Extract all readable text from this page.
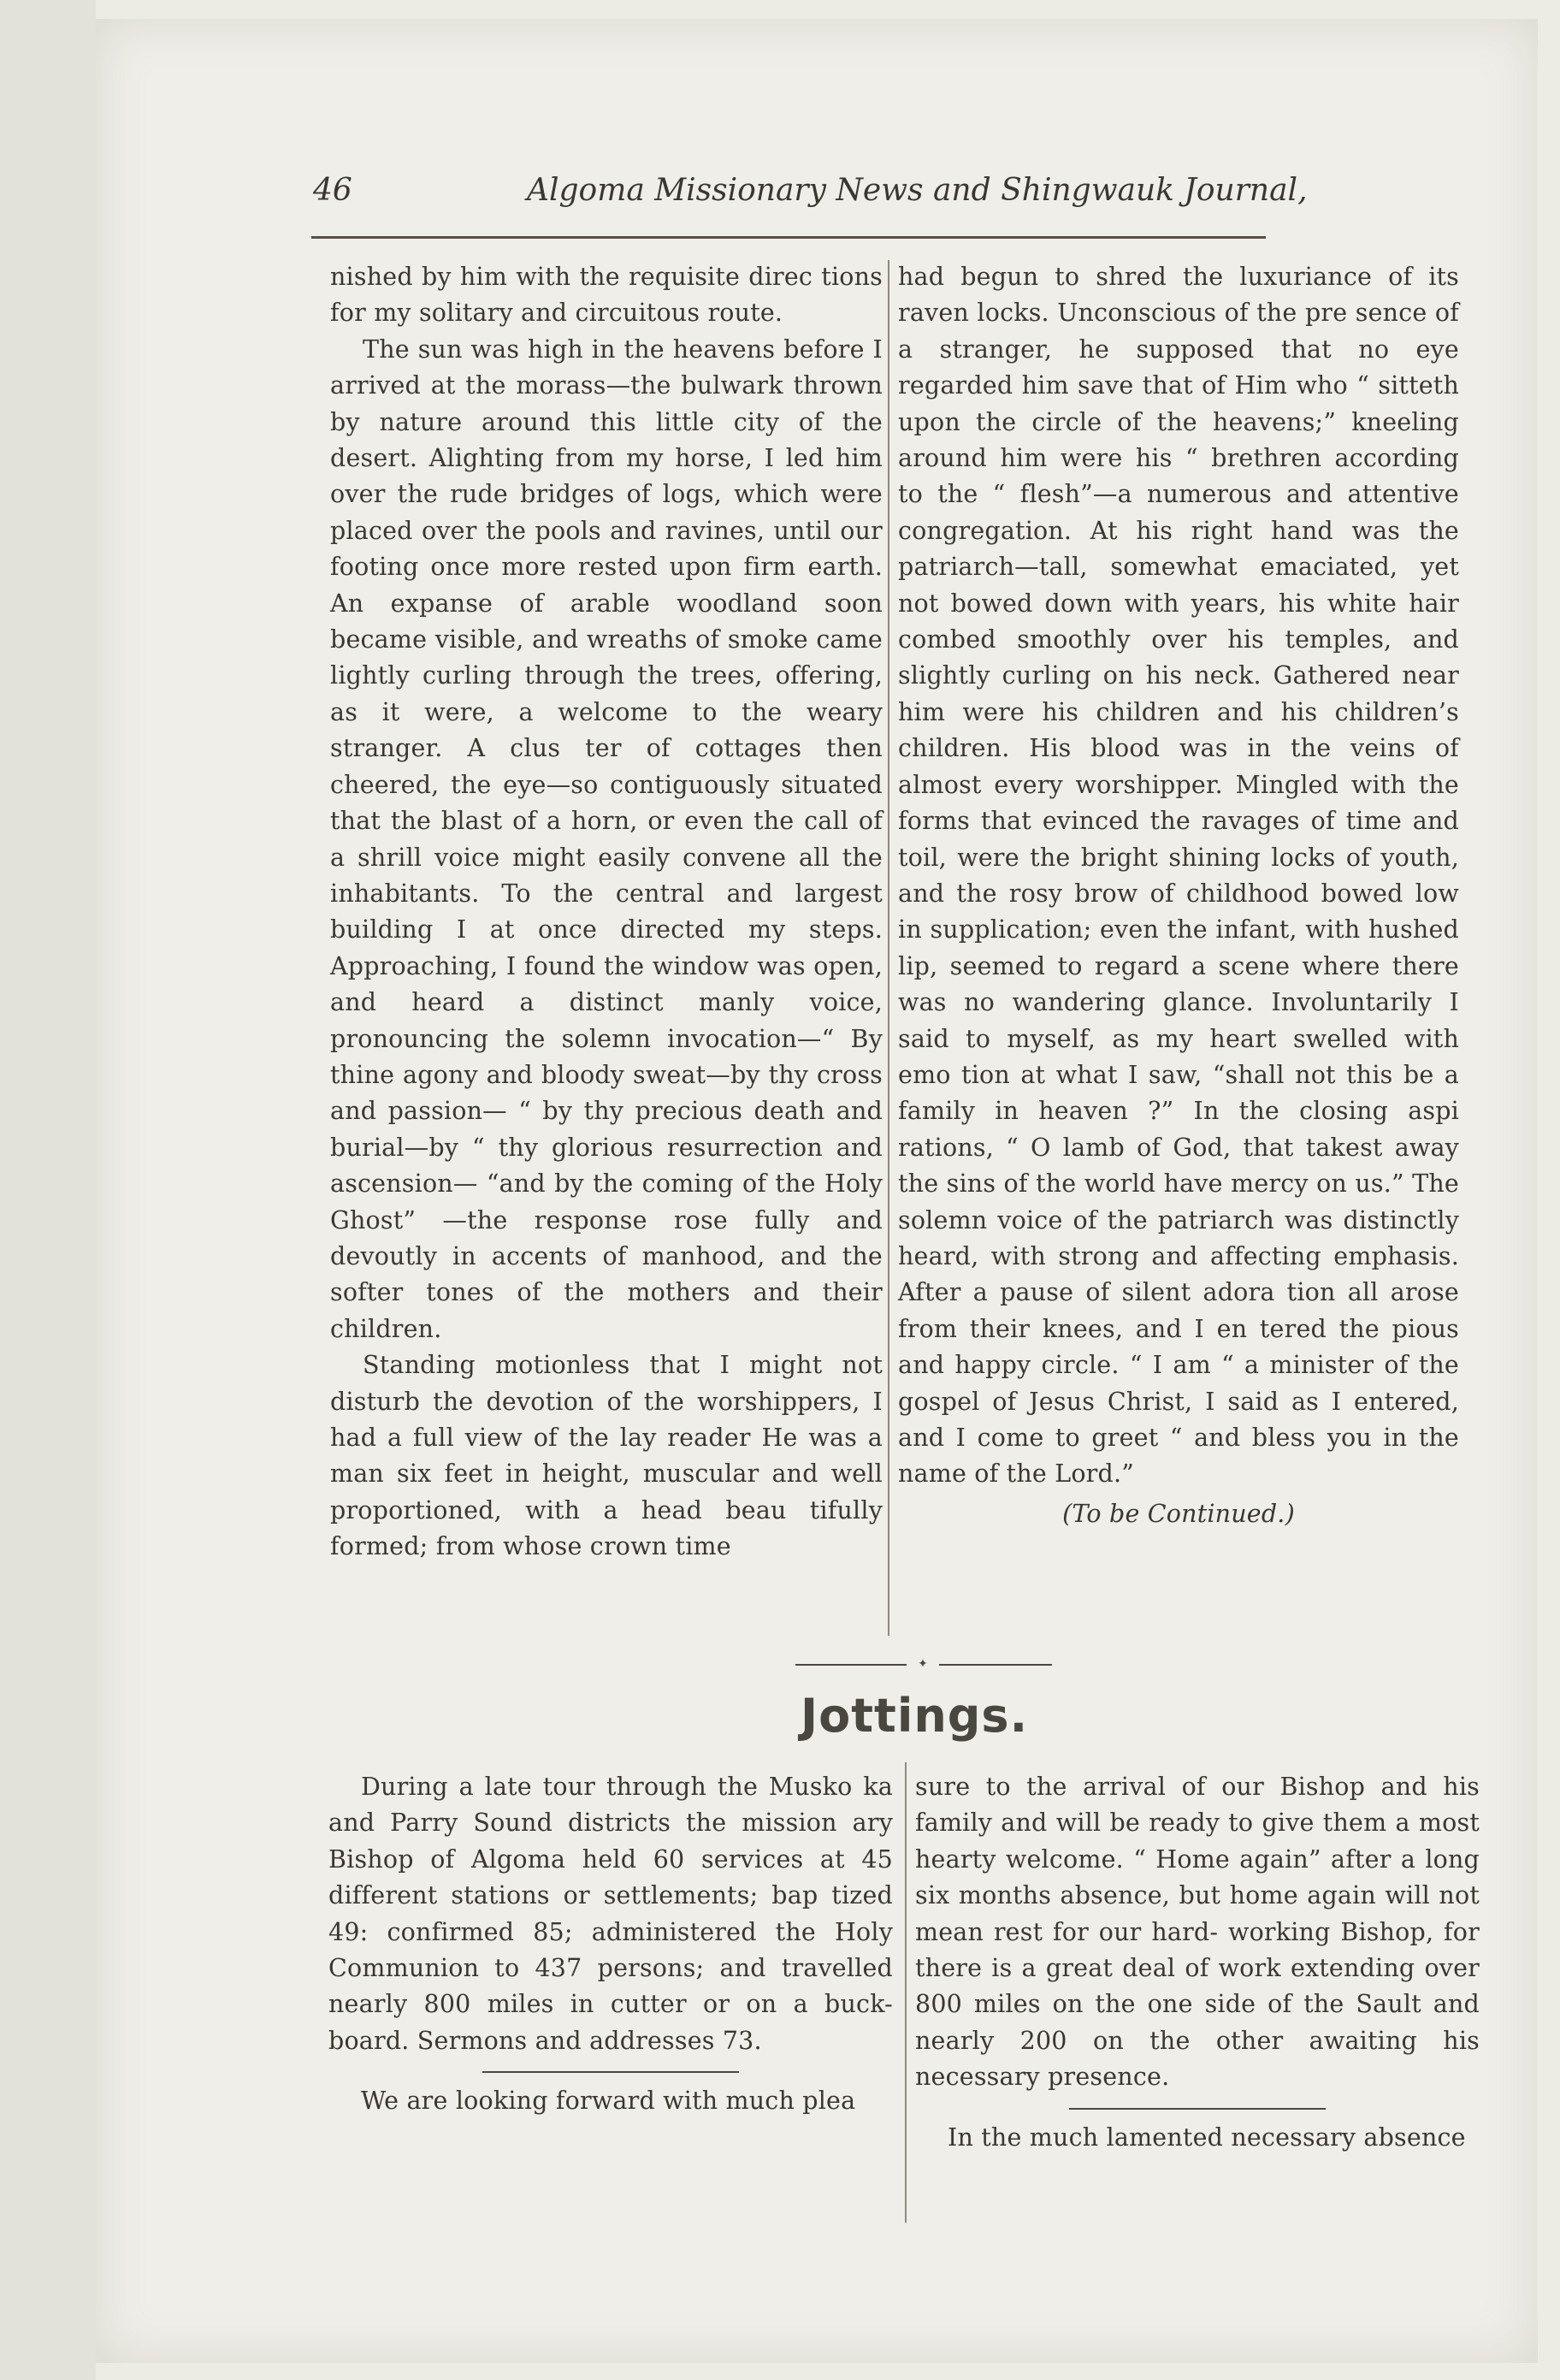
46	Algoma Missionary News and Shingwauk Journal,

nished by him with the requisite direc tions for my solitary and circuitous route.

The sun was high in the heavens before I arrived at the morass—the bulwark thrown by nature around this little city of the desert. Alighting from my horse, I led him over the rude bridges of logs, which were placed over the pools and ravines, until our footing once more rested upon firm earth. An expanse of arable woodland soon became visible, and wreaths of smoke came lightly curling through the trees, offering, as it were, a welcome to the weary stranger. A clus ter of cottages then cheered, the eye—so contiguously situated that the blast of a horn, or even the call of a shrill voice might easily convene all the inhabitants. To the central and largest building I at once directed my steps. Approaching, I found the window was open, and heard a distinct manly voice, pronouncing the solemn invocation—“ By thine agony and bloody sweat—by thy cross and passion— “ by thy precious death and burial—by “ thy glorious resurrection and ascension— “and by the coming of the Holy Ghost” —the response rose fully and devoutly in accents of manhood, and the softer tones of the mothers and their children.

Standing motionless that I might not disturb the devotion of the worshippers, I had a full view of the lay reader He was a man six feet in height, muscular and well proportioned, with a head beau tifully formed; from whose crown time

had begun to shred the luxuriance of its raven locks. Unconscious of the pre sence of a stranger, he supposed that no eye regarded him save that of Him who “ sitteth upon the circle of the heavens;” kneeling around him were his “ brethren according to the “ flesh”—a numerous and attentive congregation. At his right hand was the patriarch—tall, somewhat emaciated, yet not bowed down with years, his white hair combed smoothly over his temples, and slightly curling on his neck. Gathered near him were his children and his children’s children. His blood was in the veins of almost every worshipper. Mingled with the forms that evinced the ravages of time and toil, were the bright shining locks of youth, and the rosy brow of childhood bowed low in supplication; even the infant, with hushed lip, seemed to regard a scene where there was no wandering glance. Involuntarily I said to myself, as my heart swelled with emo tion at what I saw, “shall not this be a family in heaven ?” In the closing aspi rations, “ O lamb of God, that takest away the sins of the world have mercy on us.” The solemn voice of the patriarch was distinctly heard, with strong and affecting emphasis. After a pause of silent adora tion all arose from their knees, and I en tered the pious and happy circle. “ I am “ a minister of the gospel of Jesus Christ, I said as I entered, and I come to greet “ and bless you in the name of the Lord.”

(To be Continued.)
✦
Jottings.

During a late tour through the Musko ka and Parry Sound districts the mission ary Bishop of Algoma held 60 services at 45 different stations or settlements; bap tized 49: confirmed 85; administered the Holy Communion to 437 persons; and travelled nearly 800 miles in cutter or on a buck-board. Sermons and addresses 73.

We are looking forward with much plea

sure to the arrival of our Bishop and his family and will be ready to give them a most hearty welcome. “ Home again” after a long six months absence, but home again will not mean rest for our hard- working Bishop, for there is a great deal of work extending over 800 miles on the one side of the Sault and nearly 200 on the other awaiting his necessary presence.

In the much lamented necessary absence
